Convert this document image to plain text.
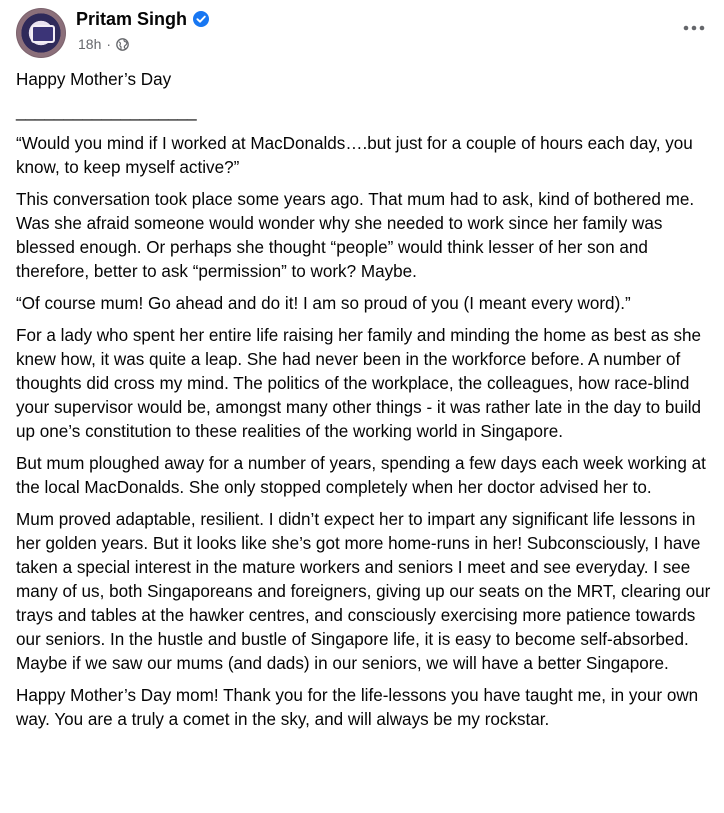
Pritam Singh
18h ·

Happy Mother’s Day

___________________

“Would you mind if I worked at MacDonalds….but just for a couple of hours each day, you know, to keep myself active?”

This conversation took place some years ago. That mum had to ask, kind of bothered me. Was she afraid someone would wonder why she needed to work since her family was blessed enough. Or perhaps she thought “people” would think lesser of her son and therefore, better to ask “permission” to work? Maybe.

“Of course mum! Go ahead and do it! I am so proud of you (I meant every word).”

For a lady who spent her entire life raising her family and minding the home as best as she knew how, it was quite a leap. She had never been in the workforce before. A number of thoughts did cross my mind. The politics of the workplace, the colleagues, how race-blind your supervisor would be, amongst many other things - it was rather late in the day to build up one’s constitution to these realities of the working world in Singapore.

But mum ploughed away for a number of years, spending a few days each week working at the local MacDonalds. She only stopped completely when her doctor advised her to.

Mum proved adaptable, resilient. I didn’t expect her to impart any significant life lessons in her golden years. But it looks like she’s got more home-runs in her! Subconsciously, I have taken a special interest in the mature workers and seniors I meet and see everyday. I see many of us, both Singaporeans and foreigners, giving up our seats on the MRT, clearing our trays and tables at the hawker centres, and consciously exercising more patience towards our seniors. In the hustle and bustle of Singapore life, it is easy to become self-absorbed. Maybe if we saw our mums (and dads) in our seniors, we will have a better Singapore.

Happy Mother’s Day mom! Thank you for the life-lessons you have taught me, in your own way. You are a truly a comet in the sky, and will always be my rockstar.
